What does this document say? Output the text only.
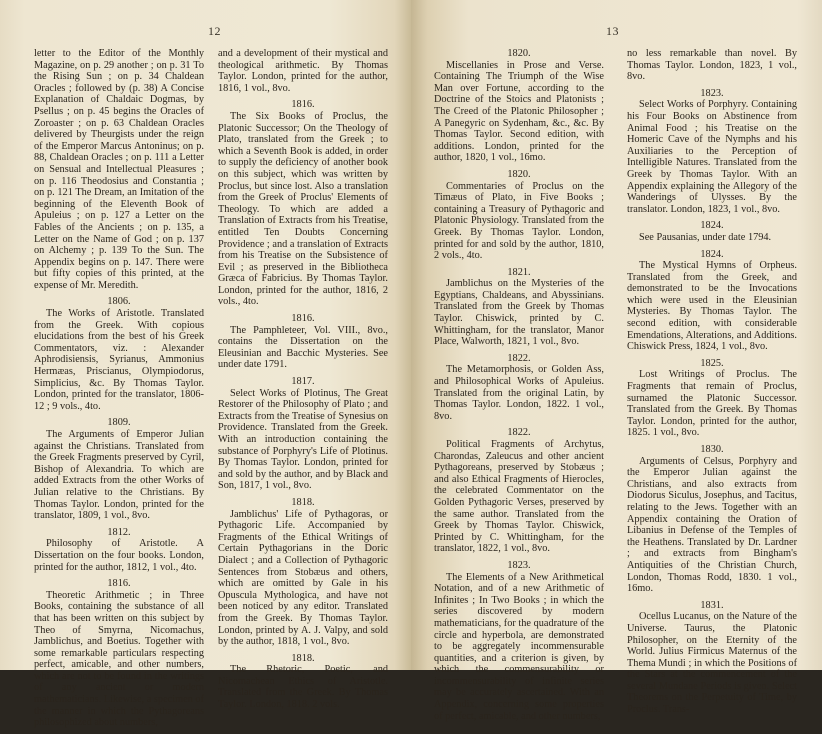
12
letter to the Editor of the Monthly Magazine, on p. 29 another ; on p. 31 To the Rising Sun ; on p. 34 Chaldean Oracles ; followed by (p. 38) A Concise Explanation of Chaldaic Dogmas, by Psellus ; on p. 45 begins the Oracles of Zoroaster ; on p. 63 Chaldean Oracles delivered by Theurgists under the reign of the Emperor Marcus Antoninus; on p. 88, Chaldean Oracles ; on p. 111 a Letter on Sensual and Intellectual Pleasures ; on p. 116 Theodosius and Constantia ; on p. 121 The Dream, an Imitation of the beginning of the Eleventh Book of Apuleius ; on p. 127 a Letter on the Fables of the Ancients ; on p. 135, a Letter on the Name of God ; on p. 137 on Alchemy ; p. 139 To the Sun. The Appendix begins on p. 147. There were but fifty copies of this printed, at the expense of Mr. Meredith.
1806.
The Works of Aristotle. Translated from the Greek. With copious elucidations from the best of his Greek Commentators, viz. : Alexander Aphrodisiensis, Syrianus, Ammonius Hermæas, Priscianus, Olympiodorus, Simplicius, &c. By Thomas Taylor. London, printed for the translator, 1806-12 ; 9 vols., 4to.
1809.
The Arguments of Emperor Julian against the Christians. Translated from the Greek Fragments preserved by Cyril, Bishop of Alexandria. To which are added Extracts from the other Works of Julian relative to the Christians. By Thomas Taylor. London, printed for the translator, 1809, 1 vol., 8vo.
1812.
Philosophy of Aristotle. A Dissertation on the four books. London, printed for the author, 1812, 1 vol., 4to.
1816.
Theoretic Arithmetic ; in Three Books, containing the substance of all that has been written on this subject by Theo of Smyrna, Nicomachus, Jamblichus, and Boetius. Together with some remarkable particulars respecting perfect, amicable, and other numbers, which are not to be found in the writings of any ancient or modern mathematicians. Likewise, a specimen of the manner in which the Pythagoreans philosophized about numbers,
and a development of their mystical and theological arithmetic. By Thomas Taylor. London, printed for the author, 1816, 1 vol., 8vo.
1816.
The Six Books of Proclus, the Platonic Successor; On the Theology of Plato, translated from the Greek ; to which a Seventh Book is added, in order to supply the deficiency of another book on this subject, which was written by Proclus, but since lost. Also a translation from the Greek of Proclus' Elements of Theology. To which are added a Translation of Extracts from his Treatise, entitled Ten Doubts Concerning Providence ; and a translation of Extracts from his Treatise on the Subsistence of Evil ; as preserved in the Bibliotheca Græca of Fabricius. By Thomas Taylor. London, printed for the author, 1816, 2 vols., 4to.
1816.
The Pamphleteer, Vol. VIII., 8vo., contains the Dissertation on the Eleusinian and Bacchic Mysteries. See under date 1791.
1817.
Select Works of Plotinus, The Great Restorer of the Philosophy of Plato ; and Extracts from the Treatise of Synesius on Providence. Translated from the Greek. With an introduction containing the substance of Porphyry's Life of Plotinus. By Thomas Taylor. London, printed for and sold by the author, and by Black and Son, 1817, 1 vol., 8vo.
1818.
Jamblichus' Life of Pythagoras, or Pythagoric Life. Accompanied by Fragments of the Ethical Writings of Certain Pythagorians in the Doric Dialect ; and a Collection of Pythagoric Sentences from Stobæus and others, which are omitted by Gale in his Opuscula Mythologica, and have not been noticed by any editor. Translated from the Greek. By Thomas Taylor. London, printed by A. J. Valpy, and sold by the author, 1818, 1 vol., 8vo.
1818.
The Rhetoric, Poetic, and Nicomachean Ethics of Aristotle. Translated from the Greek. By Thomas Taylor. London, 1818. 2 vols.
13
1820.
Miscellanies in Prose and Verse. Containing The Triumph of the Wise Man over Fortune, according to the Doctrine of the Stoics and Platonists ; The Creed of the Platonic Philosopher ; A Panegyric on Sydenham, &c., &c. By Thomas Taylor. Second edition, with additions. London, printed for the author, 1820, 1 vol., 16mo.
1820.
Commentaries of Proclus on the Timæus of Plato, in Five Books ; containing a Treasury of Pythagoric and Platonic Physiology. Translated from the Greek. By Thomas Taylor. London, printed for and sold by the author, 1810, 2 vols., 4to.
1821.
Jamblichus on the Mysteries of the Egyptians, Chaldeans, and Abyssinians. Translated from the Greek by Thomas Taylor. Chiswick, printed by C. Whittingham, for the translator, Manor Place, Walworth, 1821, 1 vol., 8vo.
1822.
The Metamorphosis, or Golden Ass, and Philosophical Works of Apuleius. Translated from the original Latin, by Thomas Taylor. London, 1822. 1 vol., 8vo.
1822.
Political Fragments of Archytus, Charondas, Zaleucus and other ancient Pythagoreans, preserved by Stobæus ; and also Ethical Fragments of Hierocles, the celebrated Commentator on the Golden Pythagoric Verses, preserved by the same author. Translated from the Greek by Thomas Taylor. Chiswick, Printed by C. Whittingham, for the translator, 1822, 1 vol., 8vo.
1823.
The Elements of a New Arithmetical Notation, and of a new Arithmetic of Infinites ; In Two Books ; in which the series discovered by modern mathematicians, for the quadrature of the circle and hyperbola, are demonstrated to be aggregately incommensurable quantities, and a criterion is given, by which the commensurability or incommensurability of infinite series may be accurately ascertained. With an Appendix, concerning some properties of perfect, amicable, and other numbers,
no less remarkable than novel. By Thomas Taylor. London, 1823, 1 vol., 8vo.
1823.
Select Works of Porphyry. Containing his Four Books on Abstinence from Animal Food ; his Treatise on the Homeric Cave of the Nymphs and his Auxiliaries to the Perception of Intelligible Natures. Translated from the Greek by Thomas Taylor. With an Appendix explaining the Allegory of the Wanderings of Ulysses. By the translator. London, 1823, 1 vol., 8vo.
1824.
See Pausanias, under date 1794.
1824.
The Mystical Hymns of Orpheus. Translated from the Greek, and demonstrated to be the Invocations which were used in the Eleusinian Mysteries. By Thomas Taylor. The second edition, with considerable Emendations, Alterations, and Additions. Chiswick Press, 1824, 1 vol., 8vo.
1825.
Lost Writings of Proclus. The Fragments that remain of Proclus, surnamed the Platonic Successor. Translated from the Greek. By Thomas Taylor. London, printed for the author, 1825. 1 vol., 8vo.
1830.
Arguments of Celsus, Porphyry and the Emperor Julian against the Christians, and also extracts from Diodorus Siculus, Josephus, and Tacitus, relating to the Jews. Together with an Appendix containing the Oration of Libanius in Defense of the Temples of the Heathens. Translated by Dr. Lardner ; and extracts from Bingham's Antiquities of the Christian Church, London, Thomas Rodd, 1830. 1 vol., 16mo.
1831.
Ocellus Lucanus, on the Nature of the Universe. Taurus, the Platonic Philosopher, on the Eternity of the World. Julius Firmicus Maternus of the Thema Mundi ; in which the Positions of the Stars at the commencement of the several Mundane Periods is given. Select Theorems on the Perpetuity of Time, by Proclus. Trans-
